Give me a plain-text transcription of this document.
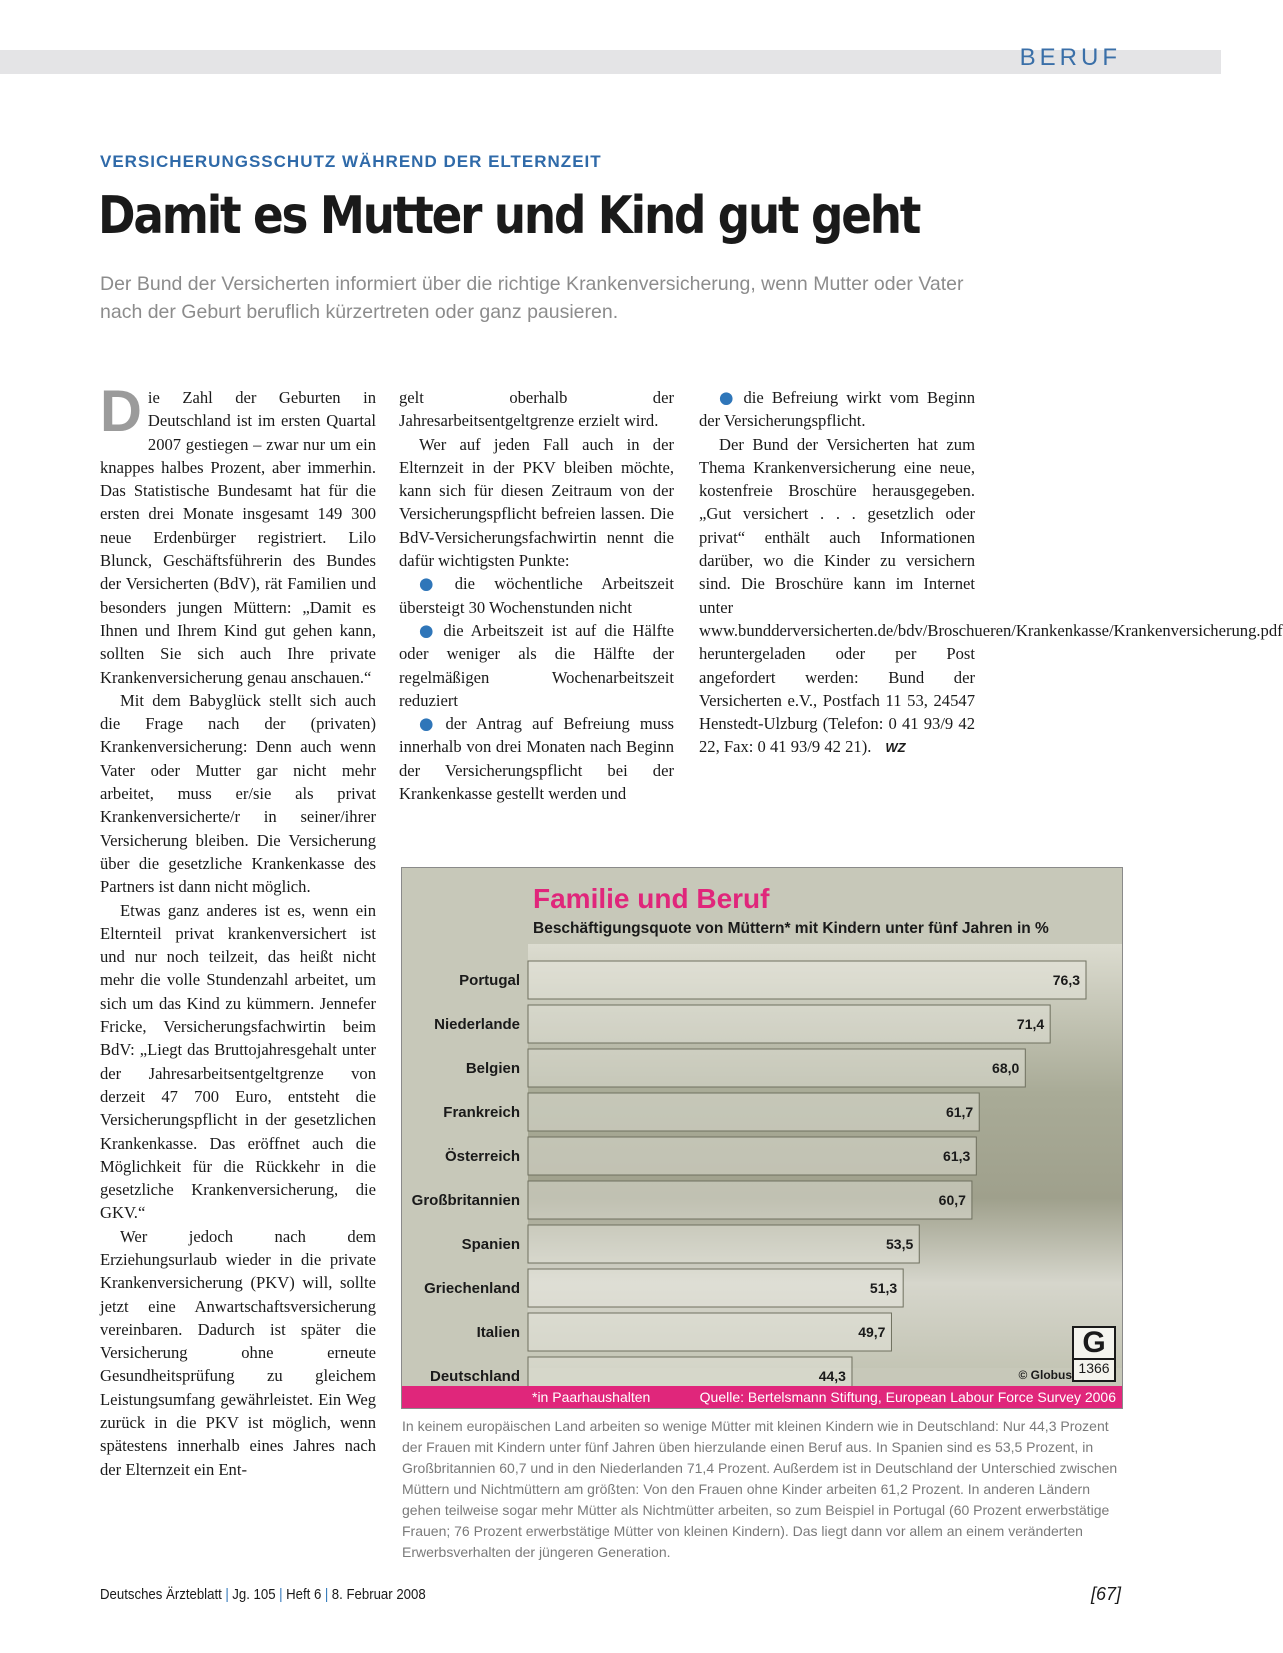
BERUF
VERSICHERUNGSSCHUTZ WÄHREND DER ELTERNZEIT
Damit es Mutter und Kind gut geht

Der Bund der Versicherten informiert über die richtige Krankenversicherung, wenn Mutter oder Vater nach der Geburt beruflich kürzertreten oder ganz pausieren.

Die Zahl der Geburten in Deutschland ist im ersten Quartal 2007 gestiegen – zwar nur um ein knappes halbes Prozent, aber immerhin. Das Statistische Bundesamt hat für die ersten drei Monate insgesamt 149 300 neue Erdenbürger registriert. Lilo Blunck, Geschäftsführerin des Bundes der Versicherten (BdV), rät Familien und besonders jungen Müttern: „Damit es Ihnen und Ihrem Kind gut gehen kann, sollten Sie sich auch Ihre private Krankenversicherung genau anschauen.“

Mit dem Babyglück stellt sich auch die Frage nach der (privaten) Krankenversicherung: Denn auch wenn Vater oder Mutter gar nicht mehr arbeitet, muss er/sie als privat Krankenversicherte/r in seiner/ihrer Versicherung bleiben. Die Versicherung über die gesetzliche Krankenkasse des Partners ist dann nicht möglich.

Etwas ganz anderes ist es, wenn ein Elternteil privat krankenversichert ist und nur noch teilzeit, das heißt nicht mehr die volle Stundenzahl arbeitet, um sich um das Kind zu kümmern. Jennefer Fricke, Versicherungsfachwirtin beim BdV: „Liegt das Bruttojahresgehalt unter der Jahresarbeitsentgeltgrenze von derzeit 47 700 Euro, entsteht die Versicherungspflicht in der gesetzlichen Krankenkasse. Das eröffnet auch die Möglichkeit für die Rückkehr in die gesetzliche Krankenversicherung, die GKV.“

Wer jedoch nach dem Erziehungsurlaub wieder in die private Krankenversicherung (PKV) will, sollte jetzt eine Anwartschaftsversicherung vereinbaren. Dadurch ist später die Versicherung ohne erneute Gesundheitsprüfung zu gleichem Leistungsumfang gewährleistet. Ein Weg zurück in die PKV ist möglich, wenn spätestens innerhalb eines Jahres nach der Elternzeit ein Ent-

gelt oberhalb der Jahresarbeitsentgeltgrenze erzielt wird.

Wer auf jeden Fall auch in der Elternzeit in der PKV bleiben möchte, kann sich für diesen Zeitraum von der Versicherungspflicht befreien lassen. Die BdV-Versicherungsfachwirtin nennt die dafür wichtigsten Punkte:

● die wöchentliche Arbeitszeit übersteigt 30 Wochenstunden nicht

● die Arbeitszeit ist auf die Hälfte oder weniger als die Hälfte der regelmäßigen Wochenarbeitszeit reduziert

● der Antrag auf Befreiung muss innerhalb von drei Monaten nach Beginn der Versicherungspflicht bei der Krankenkasse gestellt werden und

● die Befreiung wirkt vom Beginn der Versicherungspflicht.

Der Bund der Versicherten hat zum Thema Krankenversicherung eine neue, kostenfreie Broschüre herausgegeben. „Gut versichert . . . gesetzlich oder privat“ enthält auch Informationen darüber, wo die Kinder zu versichern sind. Die Broschüre kann im Internet unter www.bundderversicherten.de/bdv/Broschueren/Krankenkasse/Krankenversicherung.pdf heruntergeladen oder per Post angefordert werden: Bund der Versicherten e.V., Postfach 11 53, 24547 Henstedt-Ulzburg (Telefon: 0 41 93/9 42 22, Fax: 0 41 93/9 42 21). WZ

Familie und Beruf
Beschäftigungsquote von Müttern* mit Kindern unter fünf Jahren in %
Portugal	76,3
Niederlande	71,4
Belgien	68,0
Frankreich	61,7
Österreich	61,3
Großbritannien	60,7
Spanien	53,5
Griechenland	51,3
Italien	49,7
Deutschland	44,3	© Globus
G
1366
*in Paarhaushalten	Quelle: Bertelsmann Stiftung, European Labour Force Survey 2006

In keinem europäischen Land arbeiten so wenige Mütter mit kleinen Kindern wie in Deutschland: Nur 44,3 Prozent der Frauen mit Kindern unter fünf Jahren üben hierzulande einen Beruf aus. In Spanien sind es 53,5 Prozent, in Großbritannien 60,7 und in den Niederlanden 71,4 Prozent. Außerdem ist in Deutschland der Unterschied zwischen Müttern und Nichtmüttern am größten: Von den Frauen ohne Kinder arbeiten 61,2 Prozent. In anderen Ländern gehen teilweise sogar mehr Mütter als Nichtmütter arbeiten, so zum Beispiel in Portugal (60 Prozent erwerbstätige Frauen; 76 Prozent erwerbstätige Mütter von kleinen Kindern). Das liegt dann vor allem an einem veränderten Erwerbsverhalten der jüngeren Generation.

Deutsches Ärzteblatt | Jg. 105 | Heft 6 | 8. Februar 2008	[67]
